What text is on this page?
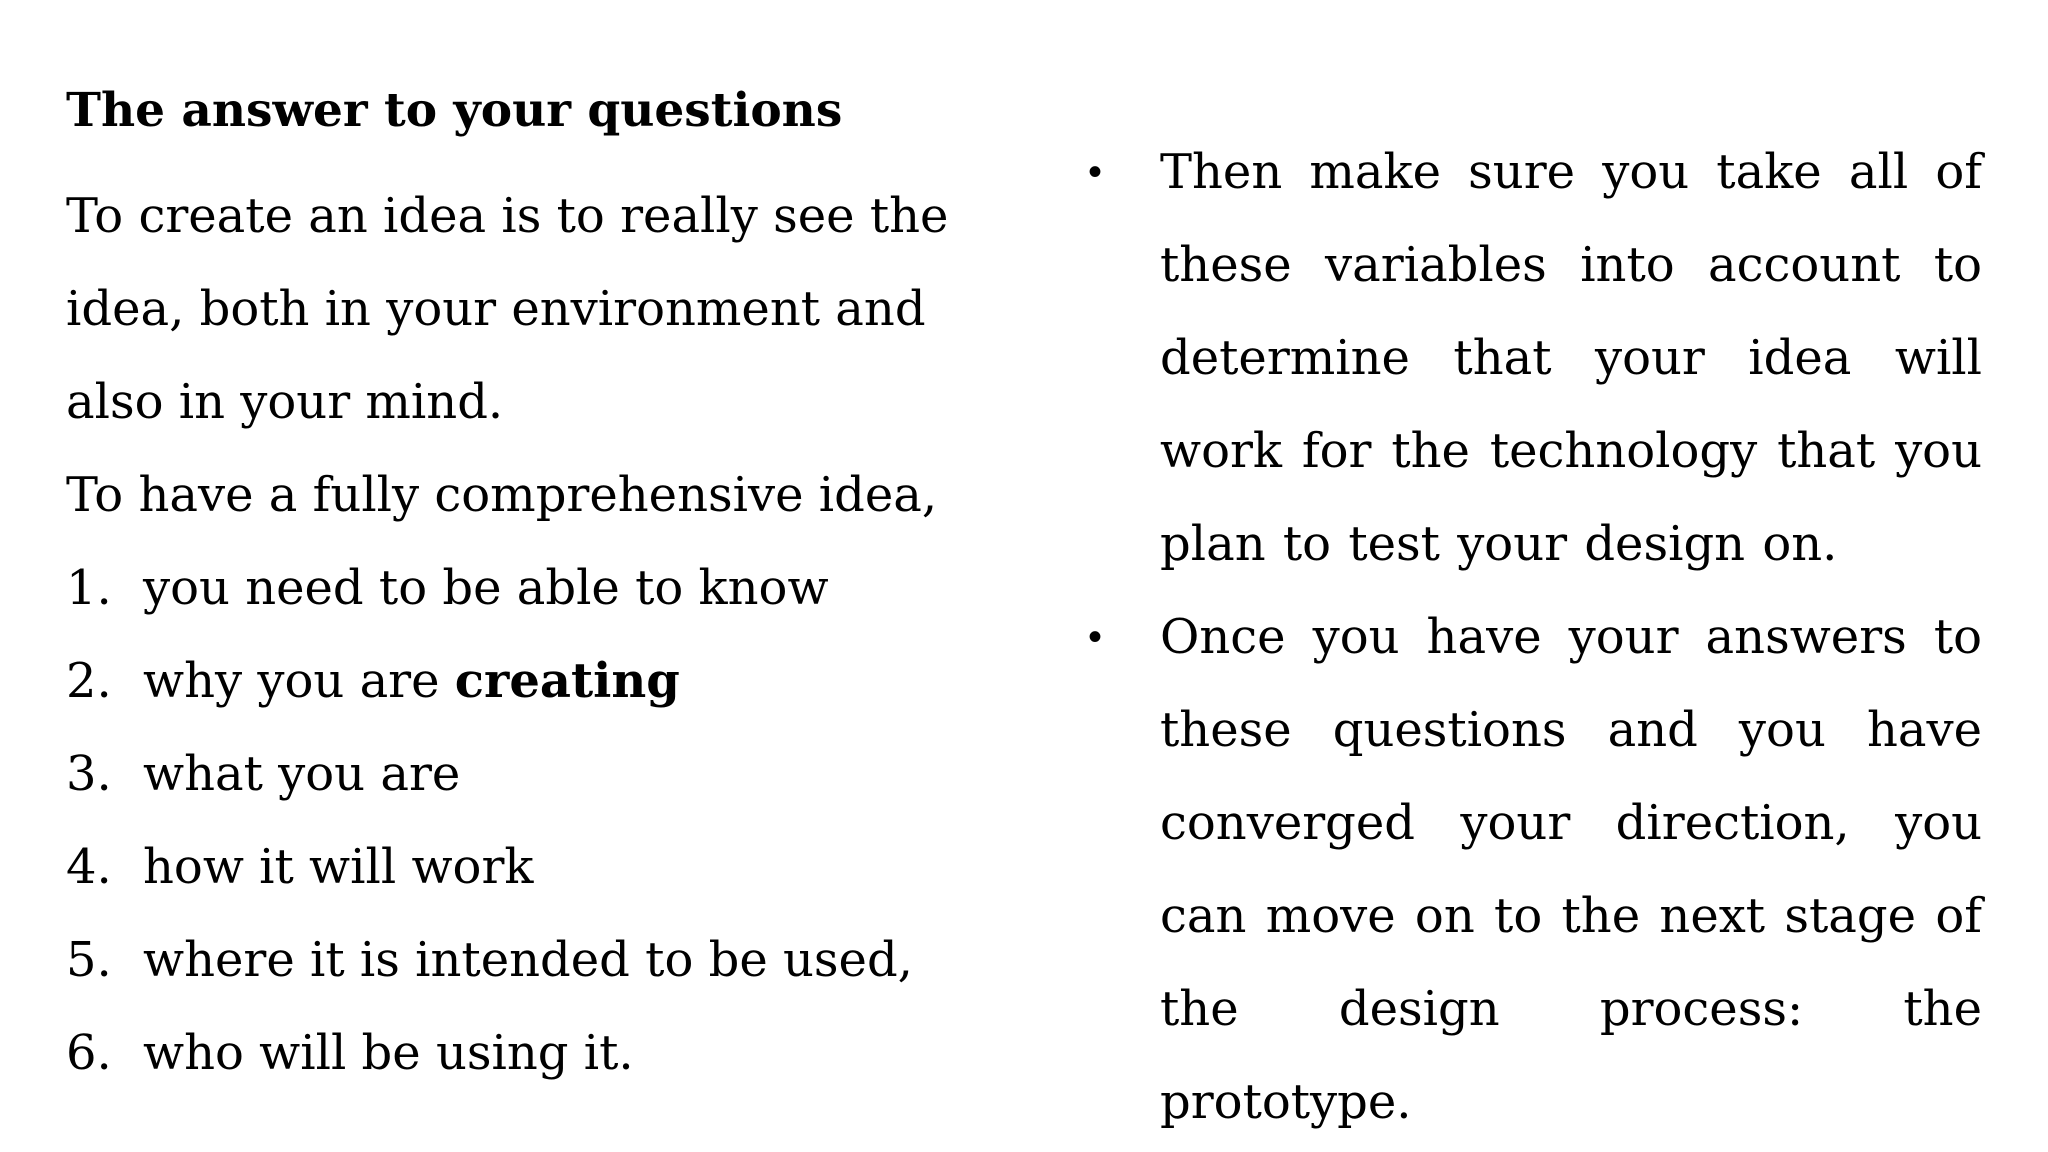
The answer to your questions
To create an idea is to really see the
idea, both in your environment and
also in your mind.
To have a fully comprehensive idea,
1. you need to be able to know
2. why you are creating
3. what you are
4. how it will work
5. where it is intended to be used,
6. who will be using it.
•	Then make sure you take all of these variables into account to determine that your idea will work for the technology that you plan to test your design on.
•	Once you have your answers to these questions and you have converged your direction, you can move on to the next stage of the design process: the prototype.
